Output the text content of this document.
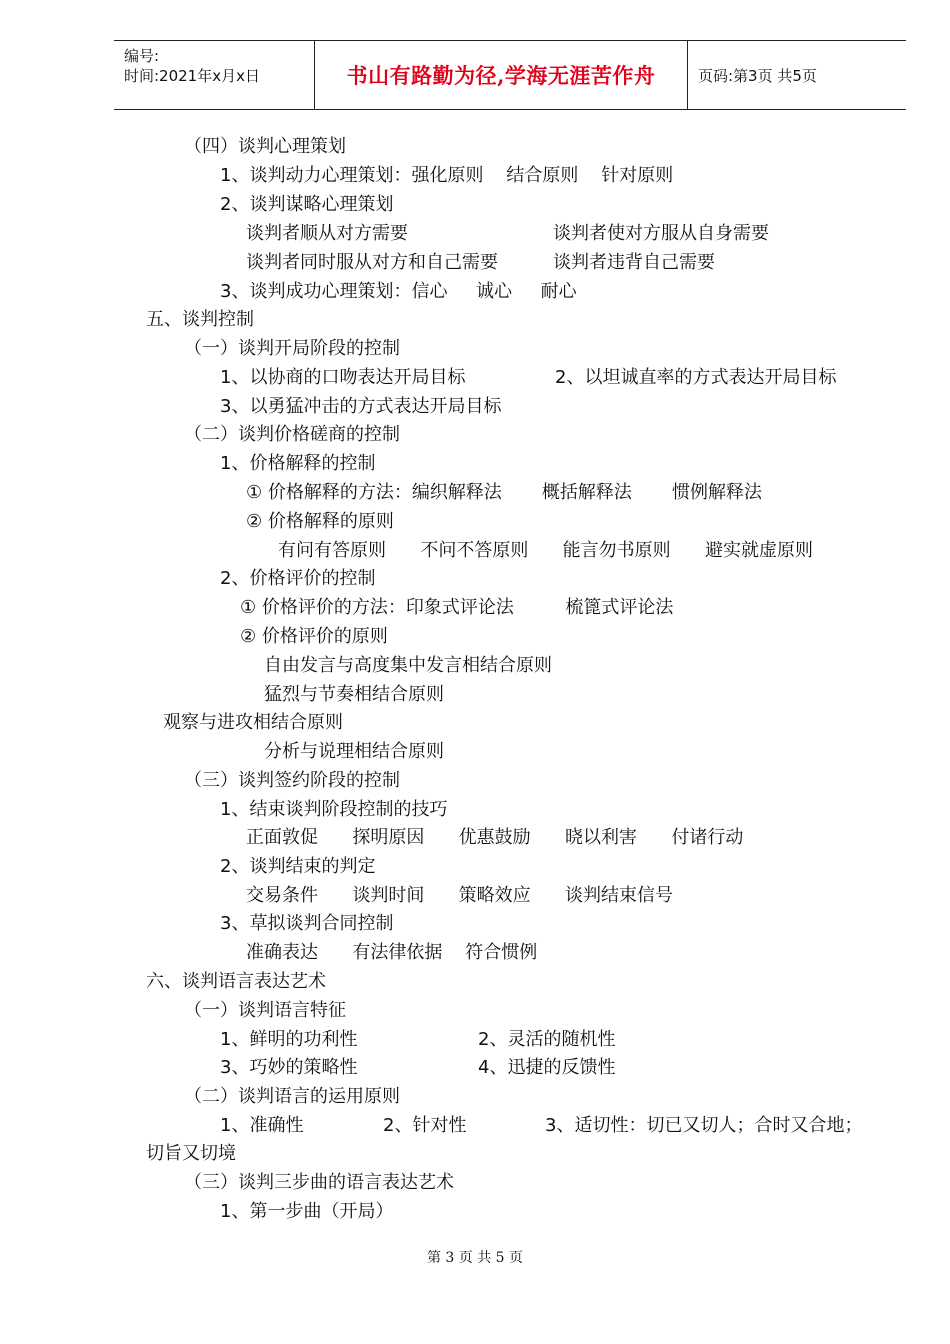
编号:
时间:2021年x月x日	书山有路勤为径,学海无涯苦作舟	页码:第3页 共5页
（四）谈判心理策划
1、谈判动力心理策划：强化原则    结合原则    针对原则
2、谈判谋略心理策划
谈判者顺从对方需要	谈判者使对方服从自身需要
谈判者同时服从对方和自己需要	谈判者违背自己需要
3、谈判成功心理策划：信心     诚心     耐心
五、谈判控制
（一）谈判开局阶段的控制
1、以协商的口吻表达开局目标	2、以坦诚直率的方式表达开局目标
3、以勇猛冲击的方式表达开局目标
（二）谈判价格磋商的控制
1、价格解释的控制
① 价格解释的方法：编织解释法       概括解释法       惯例解释法
② 价格解释的原则
有问有答原则      不问不答原则      能言勿书原则      避实就虚原则
2、价格评价的控制
① 价格评价的方法：印象式评论法         梳篦式评论法
② 价格评价的原则
自由发言与高度集中发言相结合原则
猛烈与节奏相结合原则
观察与进攻相结合原则
分析与说理相结合原则
（三）谈判签约阶段的控制
1、结束谈判阶段控制的技巧
正面敦促      探明原因      优惠鼓励      晓以利害      付诸行动
2、谈判结束的判定
交易条件      谈判时间      策略效应      谈判结束信号
3、草拟谈判合同控制
准确表达      有法律依据    符合惯例
六、谈判语言表达艺术
（一）谈判语言特征
1、鲜明的功利性	2、灵活的随机性
3、巧妙的策略性	4、迅捷的反馈性
（二）谈判语言的运用原则
1、准确性	2、针对性	3、适切性：切已又切人；合时又合地；
切旨又切境
（三）谈判三步曲的语言表达艺术
1、第一步曲（开局）
第 3 页 共 5 页
